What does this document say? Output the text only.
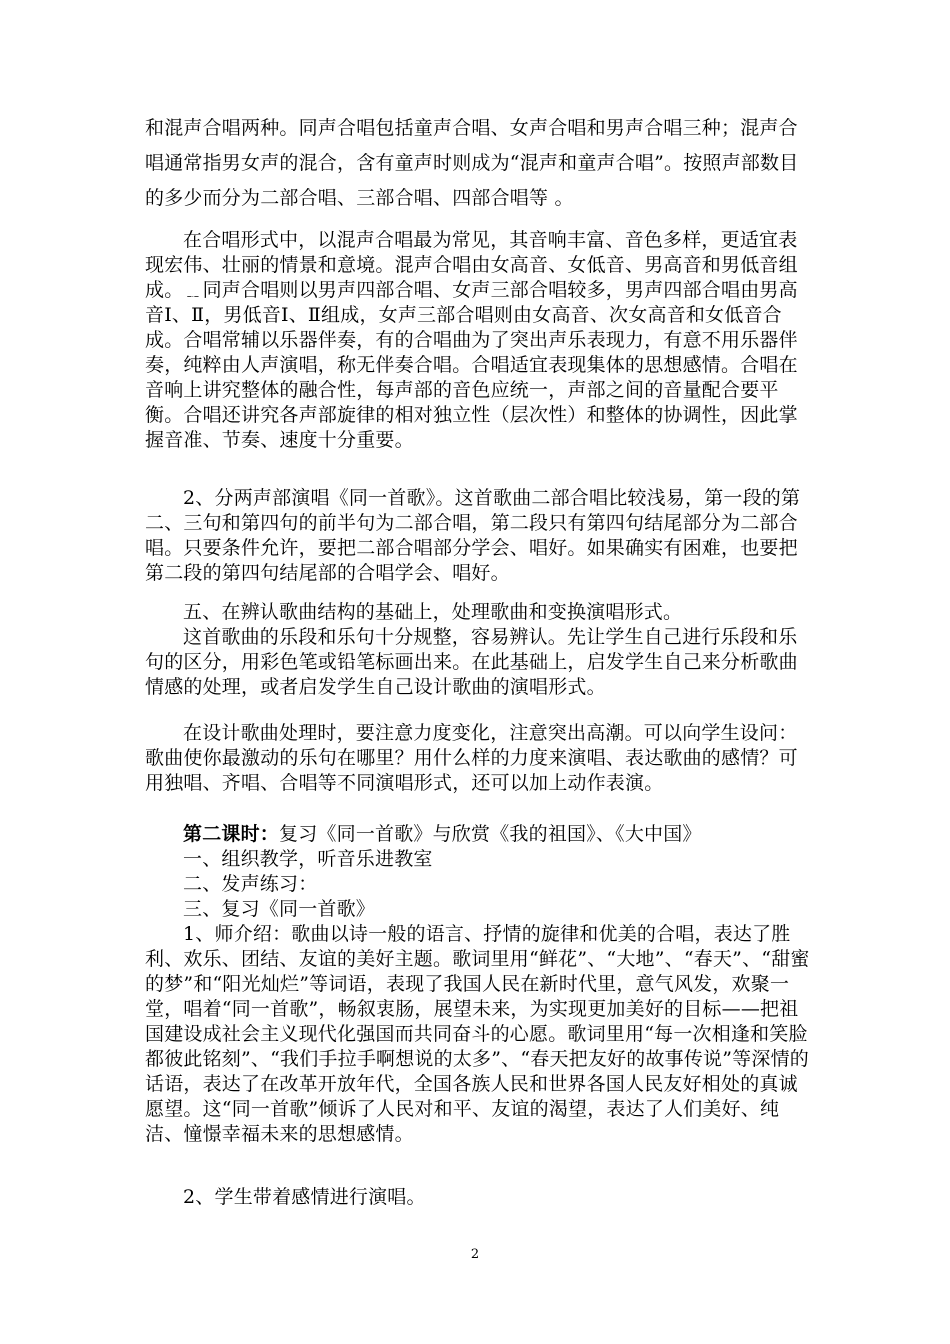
和混声合唱两种。同声合唱包括童声合唱、女声合唱和男声合唱三种；混声合唱通常指男女声的混合，含有童声时则成为“混声和童声合唱”。按照声部数目的多少而分为二部合唱、三部合唱、四部合唱等 。

在合唱形式中，以混声合唱最为常见，其音响丰富、音色多样，更适宜表现宏伟、壮丽的情景和意境。混声合唱由女高音、女低音、男高音和男低音组成。﹎同声合唱则以男声四部合唱、女声三部合唱较多，男声四部合唱由男高音Ⅰ、Ⅱ，男低音Ⅰ、Ⅱ组成，女声三部合唱则由女高音、次女高音和女低音合成。合唱常辅以乐器伴奏，有的合唱曲为了突出声乐表现力，有意不用乐器伴奏，纯粹由人声演唱，称无伴奏合唱。合唱适宜表现集体的思想感情。合唱在音响上讲究整体的融合性，每声部的音色应统一，声部之间的音量配合要平衡。合唱还讲究各声部旋律的相对独立性（层次性）和整体的协调性，因此掌握音准、节奏、速度十分重要。

2、分两声部演唱《同一首歌》。这首歌曲二部合唱比较浅易，第一段的第二、三句和第四句的前半句为二部合唱，第二段只有第四句结尾部分为二部合唱。只要条件允许，要把二部合唱部分学会、唱好。如果确实有困难，也要把第二段的第四句结尾部的合唱学会、唱好。

五、在辨认歌曲结构的基础上，处理歌曲和变换演唱形式。

这首歌曲的乐段和乐句十分规整，容易辨认。先让学生自己进行乐段和乐句的区分，用彩色笔或铅笔标画出来。在此基础上，启发学生自己来分析歌曲情感的处理，或者启发学生自己设计歌曲的演唱形式。

在设计歌曲处理时，要注意力度变化，注意突出高潮。可以向学生设问：歌曲使你最激动的乐句在哪里？用什么样的力度来演唱、表达歌曲的感情？可用独唱、齐唱、合唱等不同演唱形式，还可以加上动作表演。

第二课时：复习《同一首歌》与欣赏《我的祖国》、《大中国》

一、组织教学，听音乐进教室

二、发声练习：

三、复习《同一首歌》

1、师介绍：歌曲以诗一般的语言、抒情的旋律和优美的合唱，表达了胜利、欢乐、团结、友谊的美好主题。歌词里用“鲜花”、“大地”、“春天”、“甜蜜的梦”和“阳光灿烂”等词语，表现了我国人民在新时代里，意气风发，欢聚一堂，唱着“同一首歌”，畅叙衷肠，展望未来，为实现更加美好的目标——把祖国建设成社会主义现代化强国而共同奋斗的心愿。歌词里用“每一次相逢和笑脸都彼此铭刻”、“我们手拉手啊想说的太多”、“春天把友好的故事传说”等深情的话语，表达了在改革开放年代，全国各族人民和世界各国人民友好相处的真诚愿望。这“同一首歌”倾诉了人民对和平、友谊的渴望，表达了人们美好、纯洁、憧憬幸福未来的思想感情。

2、学生带着感情进行演唱。

2
